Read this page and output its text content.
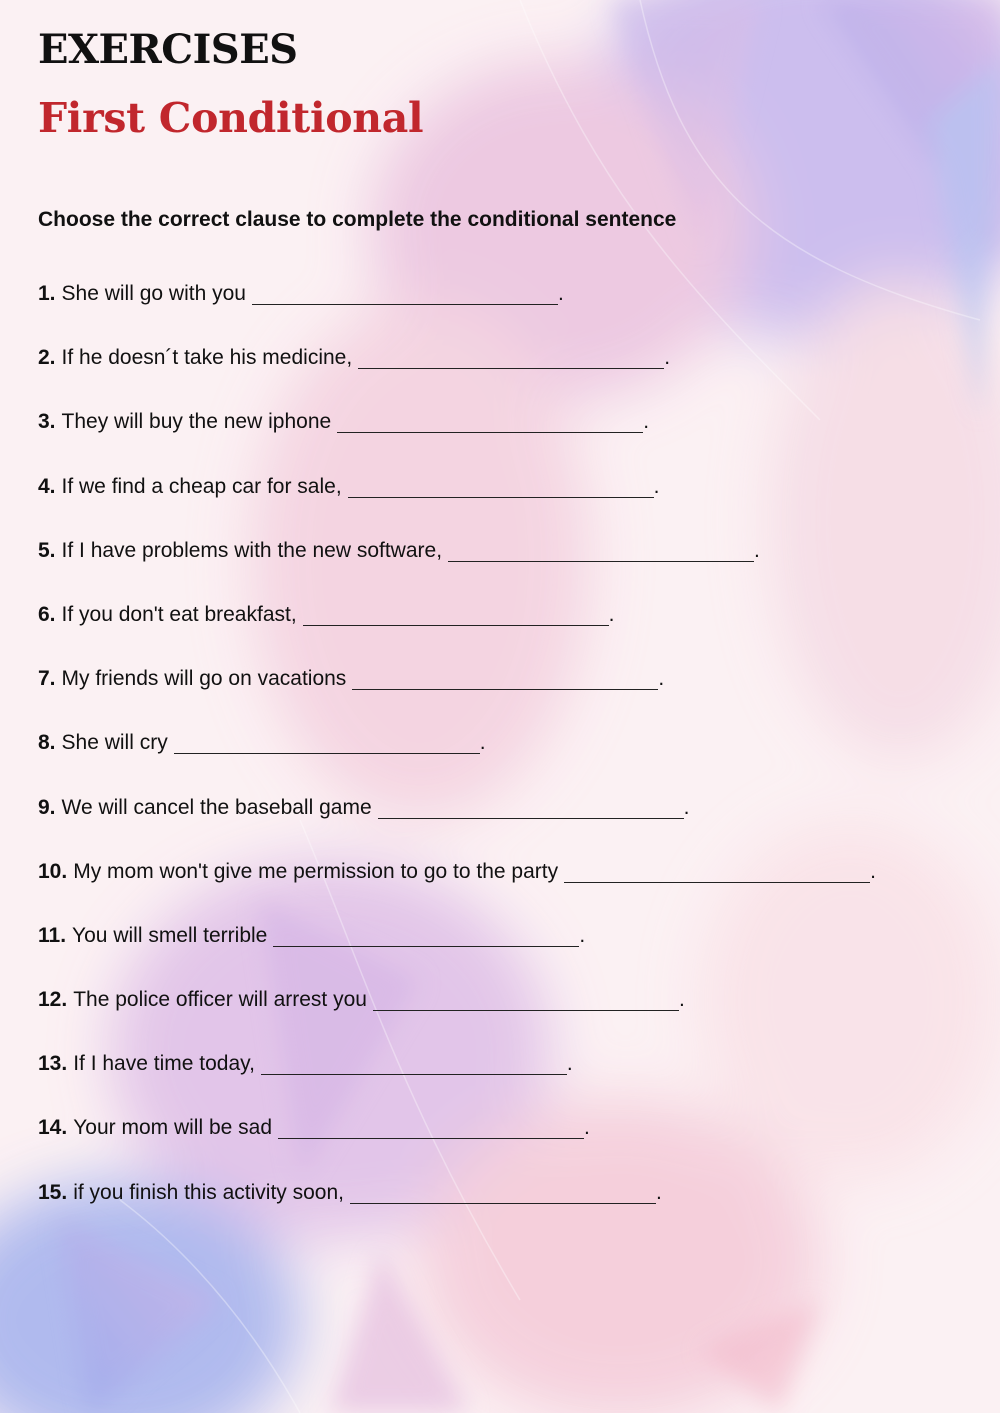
EXERCISES
First Conditional

Choose the correct clause to complete the conditional sentence

1. She will go with you	.
2. If he doesn´t take his medicine,	.
3. They will buy the new iphone	.
4. If we find a cheap car for sale,	.
5. If I have problems with the new software,	.
6. If you don't eat breakfast,	.
7. My friends will go on vacations	.
8. She will cry	.
9. We will cancel the baseball game	.
10. My mom won't give me permission to go to the party	.
11. You will smell terrible	.
12. The police officer will arrest you	.
13. If I have time today,	.
14. Your mom will be sad	.
15. if you finish this activity soon,	.
